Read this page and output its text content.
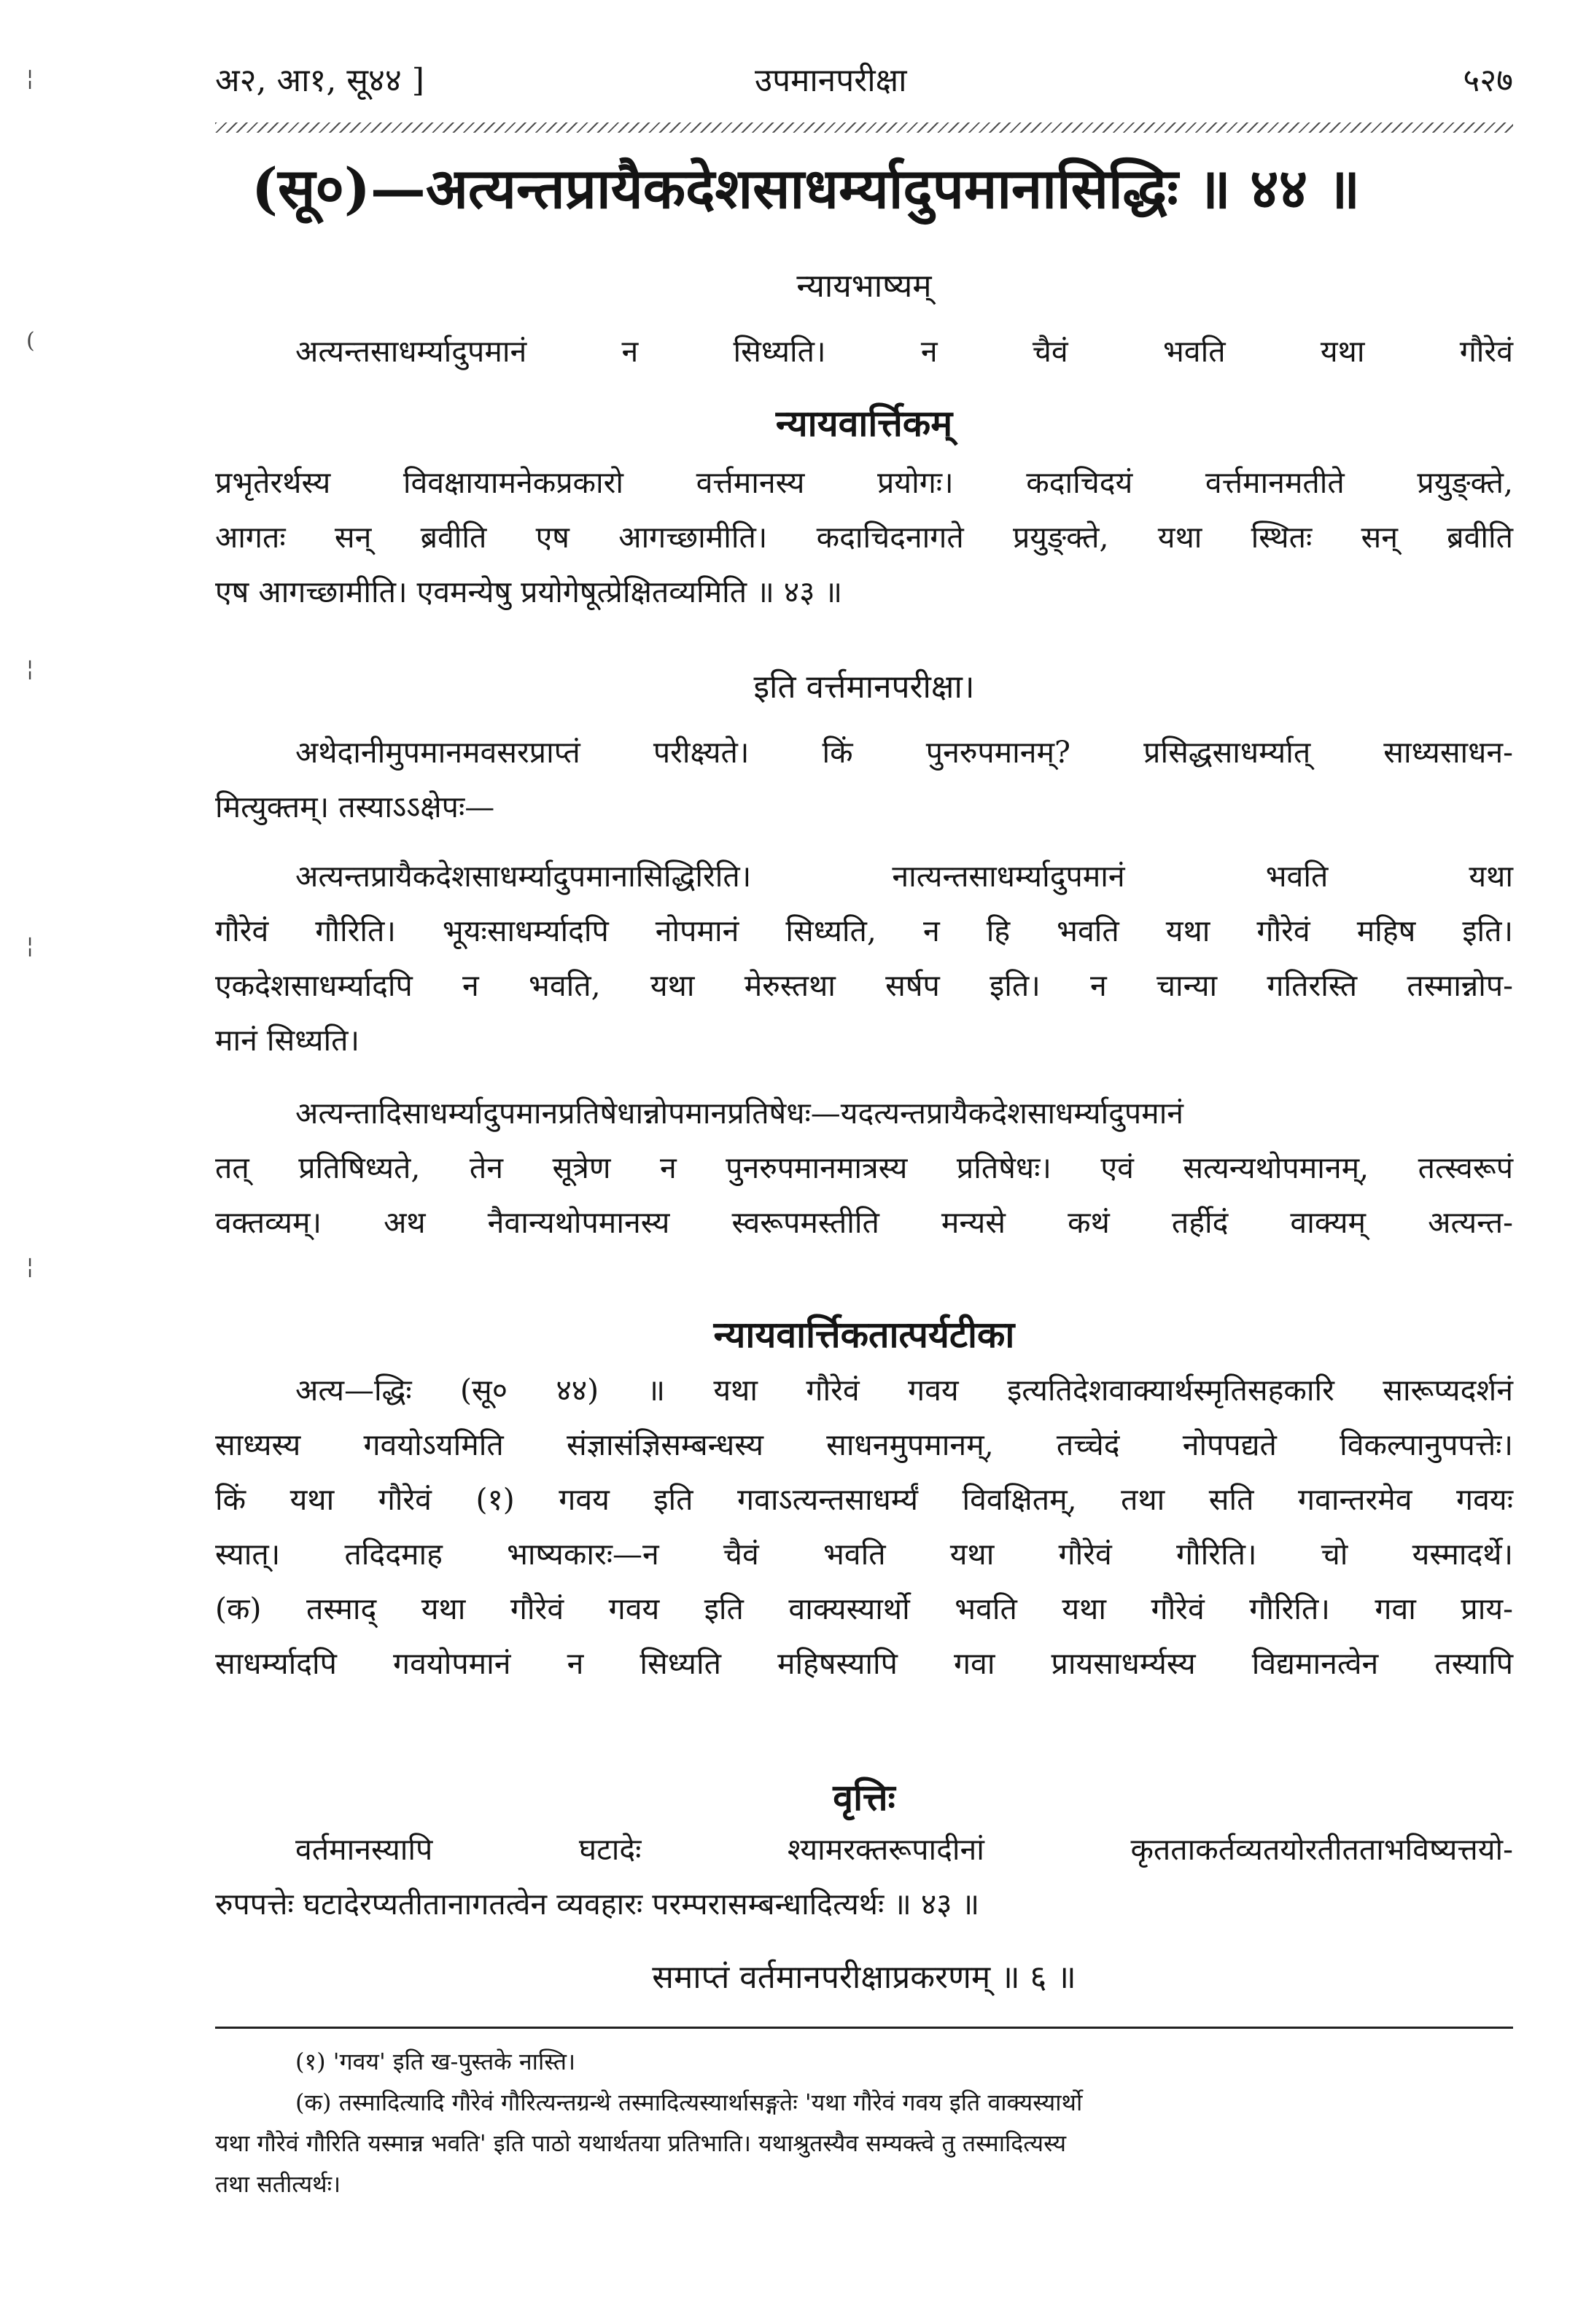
¦
(
¦
¦
¦
अ२, आ१, सू४४ ]	उपमानपरीक्षा	५२७
(सू०)—अत्यन्तप्रायैकदेशसाधर्म्यादुपमानासिद्धिः ॥ ४४ ॥
न्यायभाष्यम्
अत्यन्तसाधर्म्यादुपमानं न सिध्यति। न चैवं भवति यथा गौरेवं
न्यायवार्त्तिकम्
प्रभृतेरर्थस्य विवक्षायामनेकप्रकारो वर्त्तमानस्य प्रयोगः। कदाचिदयं वर्त्तमानमतीते प्रयुङ्क्ते,
आगतः सन् ब्रवीति एष आगच्छामीति। कदाचिदनागते प्रयुङ्क्ते, यथा स्थितः सन् ब्रवीति
एष आगच्छामीति। एवमन्येषु प्रयोगेषूत्प्रेक्षितव्यमिति ॥ ४३ ॥
इति वर्त्तमानपरीक्षा।
अथेदानीमुपमानमवसरप्राप्तं परीक्ष्यते। किं पुनरुपमानम्? प्रसिद्धसाधर्म्यात् साध्यसाधन-
मित्युक्तम्। तस्याऽऽक्षेपः—
अत्यन्तप्रायैकदेशसाधर्म्यादुपमानासिद्धिरिति। नात्यन्तसाधर्म्यादुपमानं भवति यथा
गौरेवं गौरिति। भूयःसाधर्म्यादपि नोपमानं सिध्यति, न हि भवति यथा गौरेवं महिष इति।
एकदेशसाधर्म्यादपि न भवति, यथा मेरुस्तथा सर्षप इति। न चान्या गतिरस्ति तस्मान्नोप-
मानं सिध्यति।
अत्यन्तादिसाधर्म्यादुपमानप्रतिषेधान्नोपमानप्रतिषेधः—यदत्यन्तप्रायैकदेशसाधर्म्यादुपमानं
तत् प्रतिषिध्यते, तेन सूत्रेण न पुनरुपमानमात्रस्य प्रतिषेधः। एवं सत्यन्यथोपमानम्, तत्स्वरूपं
वक्तव्यम्। अथ नैवान्यथोपमानस्य स्वरूपमस्तीति मन्यसे कथं तर्हीदं वाक्यम् अत्यन्त-
न्यायवार्त्तिकतात्पर्यटीका
अत्य—द्धिः (सू० ४४) ॥ यथा गौरेवं गवय इत्यतिदेशवाक्यार्थस्मृतिसहकारि सारूप्यदर्शनं
साध्यस्य गवयोऽयमिति संज्ञासंज्ञिसम्बन्धस्य साधनमुपमानम्, तच्चेदं नोपपद्यते विकल्पानुपपत्तेः।
किं यथा गौरेवं (१) गवय इति गवाऽत्यन्तसाधर्म्यं विवक्षितम्, तथा सति गवान्तरमेव गवयः
स्यात्। तदिदमाह भाष्यकारः—न चैवं भवति यथा गौरेवं गौरिति। चो यस्मादर्थे।
(क) तस्माद् यथा गौरेवं गवय इति वाक्यस्यार्थो भवति यथा गौरेवं गौरिति। गवा प्राय-
साधर्म्यादपि गवयोपमानं न सिध्यति महिषस्यापि गवा प्रायसाधर्म्यस्य विद्यमानत्वेन तस्यापि
वृत्तिः
वर्तमानस्यापि घटादेः श्यामरक्तरूपादीनां कृतताकर्तव्यतयोरतीतताभविष्यत्तयो-
रुपपत्तेः घटादेरप्यतीतानागतत्वेन व्यवहारः परम्परासम्बन्धादित्यर्थः ॥ ४३ ॥
समाप्तं वर्तमानपरीक्षाप्रकरणम् ॥ ६ ॥
(१) 'गवय' इति ख-पुस्तके नास्ति।
(क) तस्मादित्यादि गौरेवं गौरित्यन्तग्रन्थे तस्मादित्यस्यार्थासङ्गतेः 'यथा गौरेवं गवय इति वाक्यस्यार्थो
यथा गौरेवं गौरिति यस्मान्न भवति' इति पाठो यथार्थतया प्रतिभाति। यथाश्रुतस्यैव सम्यक्त्वे तु तस्मादित्यस्य
तथा सतीत्यर्थः।
